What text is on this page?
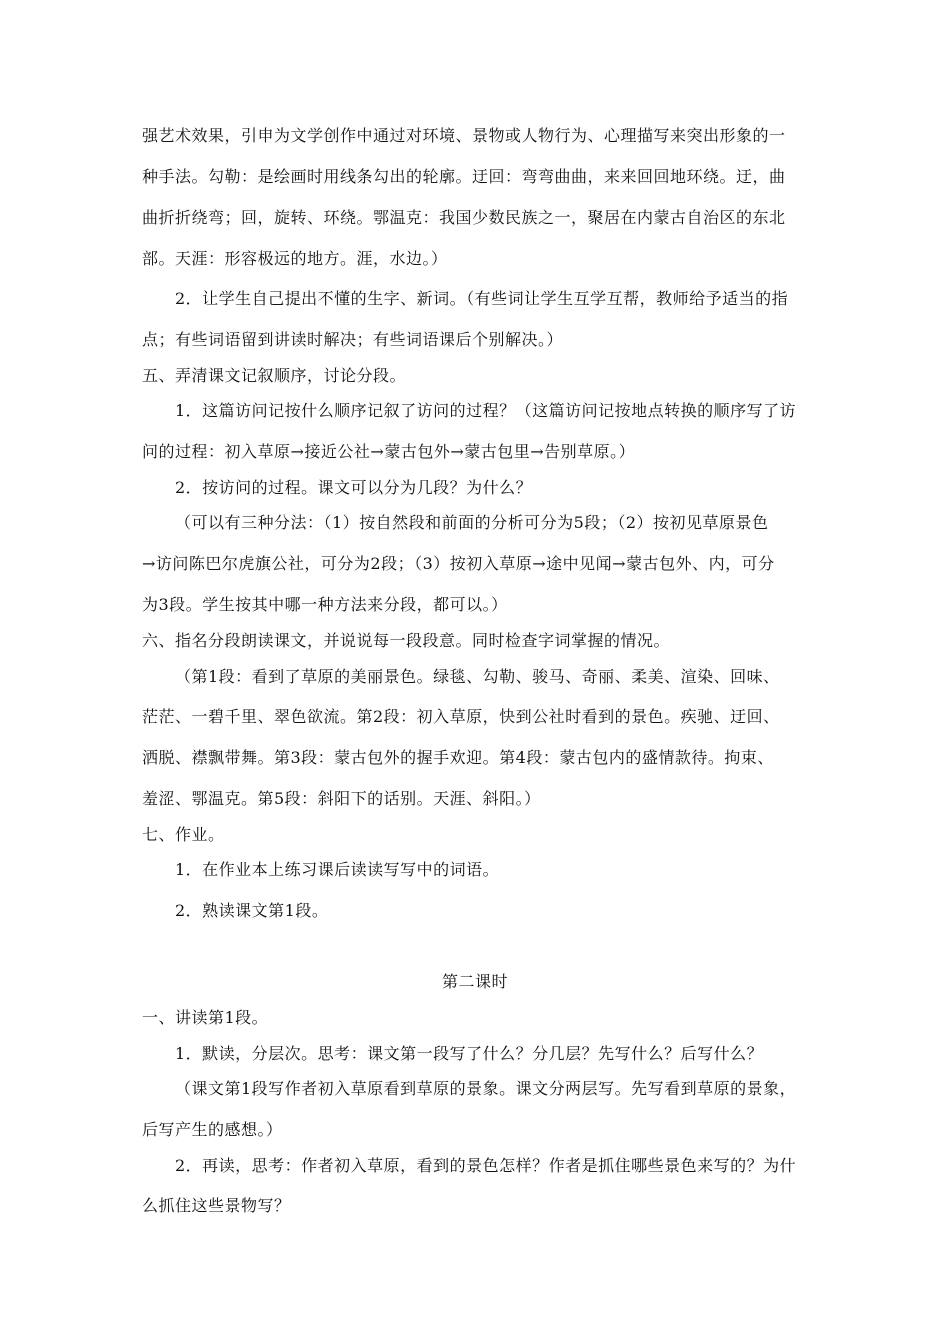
强艺术效果，引申为文学创作中通过对环境、景物或人物行为、心理描写来突出形象的一
种手法。勾勒：是绘画时用线条勾出的轮廓。迂回：弯弯曲曲，来来回回地环绕。迂，曲
曲折折绕弯；回，旋转、环绕。鄂温克：我国少数民族之一，聚居在内蒙古自治区的东北
部。天涯：形容极远的地方。涯，水边。）
2．让学生自己提出不懂的生字、新词。（有些词让学生互学互帮，教师给予适当的指
点；有些词语留到讲读时解决；有些词语课后个别解决。）
五、弄清课文记叙顺序，讨论分段。
1．这篇访问记按什么顺序记叙了访问的过程？（这篇访问记按地点转换的顺序写了访
问的过程：初入草原→接近公社→蒙古包外→蒙古包里→告别草原。）
2．按访问的过程。课文可以分为几段？为什么？
（可以有三种分法：（1）按自然段和前面的分析可分为5段；（2）按初见草原景色
→访问陈巴尔虎旗公社，可分为2段；（3）按初入草原→途中见闻→蒙古包外、内，可分
为3段。学生按其中哪一种方法来分段，都可以。）
六、指名分段朗读课文，并说说每一段段意。同时检查字词掌握的情况。
（第1段：看到了草原的美丽景色。绿毯、勾勒、骏马、奇丽、柔美、渲染、回味、
茫茫、一碧千里、翠色欲流。第2段：初入草原，快到公社时看到的景色。疾驰、迂回、
洒脱、襟飘带舞。第3段：蒙古包外的握手欢迎。第4段：蒙古包内的盛情款待。拘束、
羞涩、鄂温克。第5段：斜阳下的话别。天涯、斜阳。）
七、作业。
1．在作业本上练习课后读读写写中的词语。
2．熟读课文第1段。
第二课时
一、讲读第1段。
1．默读，分层次。思考：课文第一段写了什么？分几层？先写什么？后写什么？
（课文第1段写作者初入草原看到草原的景象。课文分两层写。先写看到草原的景象，
后写产生的感想。）
2．再读，思考：作者初入草原，看到的景色怎样？作者是抓住哪些景色来写的？为什
么抓住这些景物写？
